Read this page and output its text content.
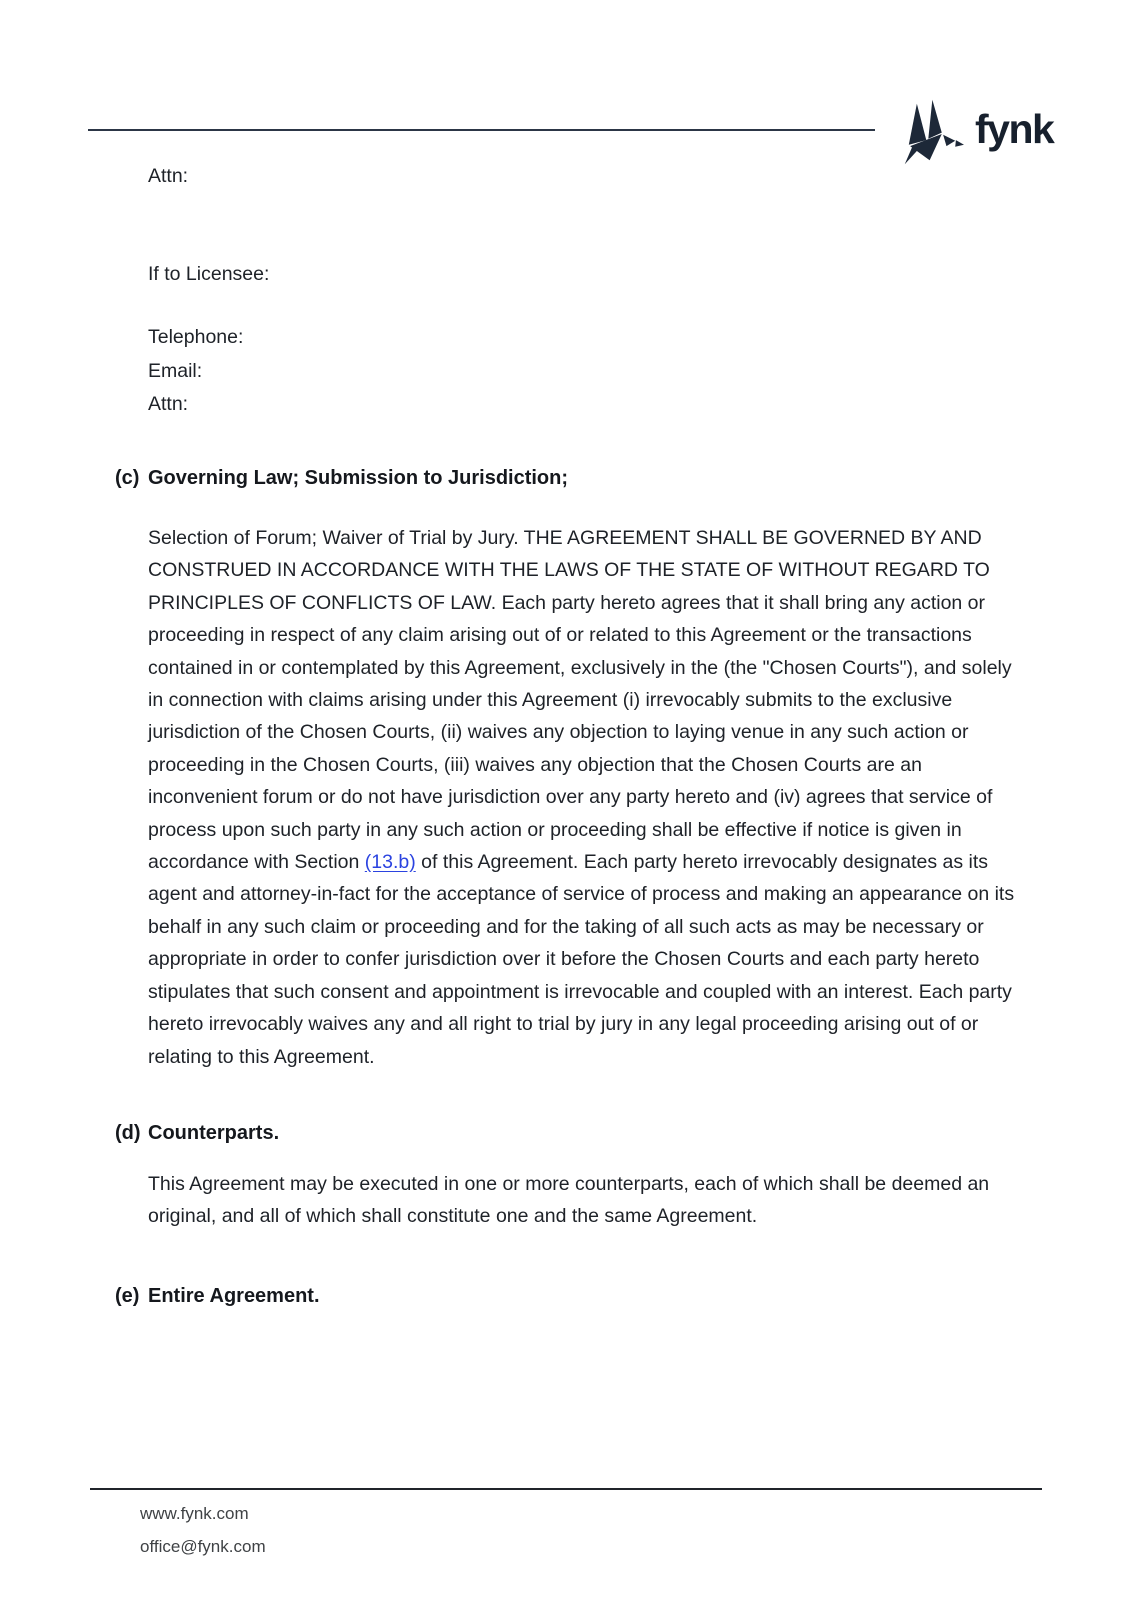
fynk

Attn:

If to Licensee:

Telephone:

Email:

Attn:

(c) Governing Law; Submission to Jurisdiction;

Selection of Forum; Waiver of Trial by Jury. THE AGREEMENT SHALL BE GOVERNED BY AND CONSTRUED IN ACCORDANCE WITH THE LAWS OF THE STATE OF WITHOUT REGARD TO PRINCIPLES OF CONFLICTS OF LAW. Each party hereto agrees that it shall bring any action or proceeding in respect of any claim arising out of or related to this Agreement or the transactions contained in or contemplated by this Agreement, exclusively in the (the "Chosen Courts"), and solely in connection with claims arising under this Agreement (i) irrevocably submits to the exclusive jurisdiction of the Chosen Courts, (ii) waives any objection to laying venue in any such action or proceeding in the Chosen Courts, (iii) waives any objection that the Chosen Courts are an inconvenient forum or do not have jurisdiction over any party hereto and (iv) agrees that service of process upon such party in any such action or proceeding shall be effective if notice is given in accordance with Section (13.b) of this Agreement. Each party hereto irrevocably designates as its agent and attorney-in-fact for the acceptance of service of process and making an appearance on its behalf in any such claim or proceeding and for the taking of all such acts as may be necessary or appropriate in order to confer jurisdiction over it before the Chosen Courts and each party hereto stipulates that such consent and appointment is irrevocable and coupled with an interest. Each party hereto irrevocably waives any and all right to trial by jury in any legal proceeding arising out of or relating to this Agreement.

(d) Counterparts.

This Agreement may be executed in one or more counterparts, each of which shall be deemed an original, and all of which shall constitute one and the same Agreement.

(e) Entire Agreement.

www.fynk.com

office@fynk.com
